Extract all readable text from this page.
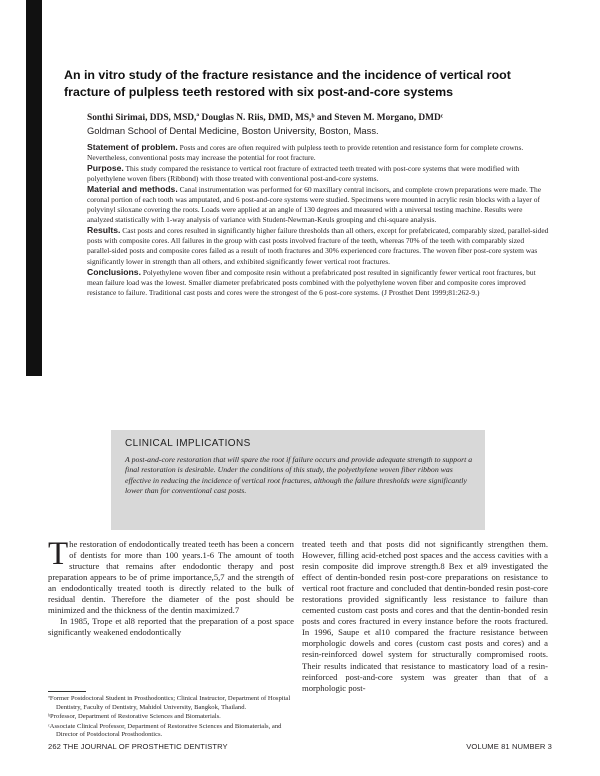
An in vitro study of the fracture resistance and the incidence of vertical root fracture of pulpless teeth restored with six post-and-core systems
Sonthi Sirimai, DDS, MSD,ª Douglas N. Riis, DMD, MS,ᵇ and Steven M. Morgano, DMDᶜ
Goldman School of Dental Medicine, Boston University, Boston, Mass.

Statement of problem. Posts and cores are often required with pulpless teeth to provide retention and resistance form for complete crowns. Nevertheless, conventional posts may increase the potential for root fracture.

Purpose. This study compared the resistance to vertical root fracture of extracted teeth treated with post-core systems that were modified with polyethylene woven fibers (Ribbond) with those treated with conventional post-and-core systems.

Material and methods. Canal instrumentation was performed for 60 maxillary central incisors, and complete crown preparations were made. The coronal portion of each tooth was amputated, and 6 post-and-core systems were studied. Specimens were mounted in acrylic resin blocks with a layer of polyvinyl siloxane covering the roots. Loads were applied at an angle of 130 degrees and measured with a universal testing machine. Results were analyzed statistically with 1-way analysis of variance with Student-Newman-Keuls grouping and chi-square analysis.

Results. Cast posts and cores resulted in significantly higher failure thresholds than all others, except for prefabricated, comparably sized, parallel-sided posts with composite cores. All failures in the group with cast posts involved fracture of the teeth, whereas 70% of the teeth with comparably sized parallel-sided posts and composite cores failed as a result of tooth fractures and 30% experienced core fractures. The woven fiber post-core system was significantly lower in strength than all others, and exhibited significantly fewer vertical root fractures.

Conclusions. Polyethylene woven fiber and composite resin without a prefabricated post resulted in significantly fewer vertical root fractures, but mean failure load was the lowest. Smaller diameter prefabricated posts combined with the polyethylene woven fiber and composite cores improved resistance to failure. Traditional cast posts and cores were the strongest of the 6 post-core systems. (J Prosthet Dent 1999;81:262-9.)

CLINICAL IMPLICATIONS

A post-and-core restoration that will spare the root if failure occurs and provide adequate strength to support a final restoration is desirable. Under the conditions of this study, the polyethylene woven fiber ribbon was effective in reducing the incidence of vertical root fractures, although the failure thresholds were significantly lower than for conventional cast posts.

The restoration of endodontically treated teeth has been a concern of dentists for more than 100 years.1-6 The amount of tooth structure that remains after endodontic therapy and post preparation appears to be of prime importance,5,7 and the strength of an endodontically treated tooth is directly related to the bulk of residual dentin. Therefore the diameter of the post should be minimized and the thickness of the dentin maximized.7

In 1985, Trope et al8 reported that the preparation of a post space significantly weakened endodontically

treated teeth and that posts did not significantly strengthen them. However, filling acid-etched post spaces and the access cavities with a resin composite did improve strength.8 Bex et al9 investigated the effect of dentin-bonded resin post-core preparations on resistance to vertical root fracture and concluded that dentin-bonded resin post-core restorations provided significantly less resistance to failure than cemented custom cast posts and cores and that the dentin-bonded resin posts and cores fractured in every instance before the roots fractured. In 1996, Saupe et al10 compared the fracture resistance between morphologic dowels and cores (custom cast posts and cores) and a resin-reinforced dowel system for structurally compromised roots. Their results indicated that resistance to masticatory load of a resin-reinforced post-and-core system was greater than that of a morphologic post-

ªFormer Postdoctoral Student in Prosthodontics; Clinical Instructor, Department of Hospital Dentistry, Faculty of Dentistry, Mahidol University, Bangkok, Thailand.

ᵇProfessor, Department of Restorative Sciences and Biomaterials.

ᶜAssociate Clinical Professor, Department of Restorative Sciences and Biomaterials, and Director of Postdoctoral Prosthodontics.

262 THE JOURNAL OF PROSTHETIC DENTISTRY	VOLUME 81 NUMBER 3
